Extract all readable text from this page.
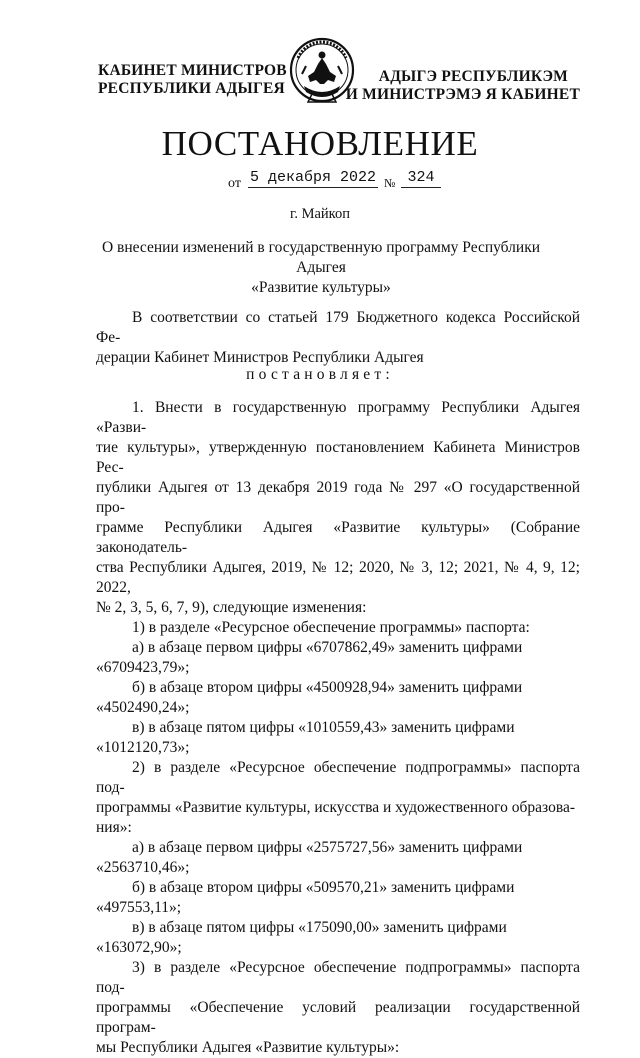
КАБИНЕТ МИНИСТРОВ
РЕСПУБЛИКИ АДЫГЕЯ
АДЫГЭ РЕСПУБЛИКЭМ
И МИНИСТРЭМЭ Я КАБИНЕТ
ПОСТАНОВЛЕНИЕ
от 5 декабря 2022 № 324
г. Майкоп
О внесении изменений в государственную программу Республики Адыгея
«Развитие культуры»

В соответствии со статьей 179 Бюджетного кодекса Российской Фе-

дерации Кабинет Министров Республики Адыгея

постановляет:

1. Внести в государственную программу Республики Адыгея «Разви-

тие культуры», утвержденную постановлением Кабинета Министров Рес-

публики Адыгея от 13 декабря 2019 года № 297 «О государственной про-

грамме Республики Адыгея «Развитие культуры» (Собрание законодатель-

ства Республики Адыгея, 2019, № 12; 2020, № 3, 12; 2021, № 4, 9, 12; 2022,

№ 2, 3, 5, 6, 7, 9), следующие изменения:

1) в разделе «Ресурсное обеспечение программы» паспорта:

а) в абзаце первом цифры «6707862,49» заменить цифрами

«6709423,79»;

б) в абзаце втором цифры «4500928,94» заменить цифрами

«4502490,24»;

в) в абзаце пятом цифры «1010559,43» заменить цифрами

«1012120,73»;

2) в разделе «Ресурсное обеспечение подпрограммы» паспорта под-

программы «Развитие культуры, искусства и художественного образова-

ния»:

а) в абзаце первом цифры «2575727,56» заменить цифрами

«2563710,46»;

б) в абзаце втором цифры «509570,21» заменить цифрами

«497553,11»;

в) в абзаце пятом цифры «175090,00» заменить цифрами

«163072,90»;

3) в разделе «Ресурсное обеспечение подпрограммы» паспорта под-

программы «Обеспечение условий реализации государственной програм-

мы Республики Адыгея «Развитие культуры»:
